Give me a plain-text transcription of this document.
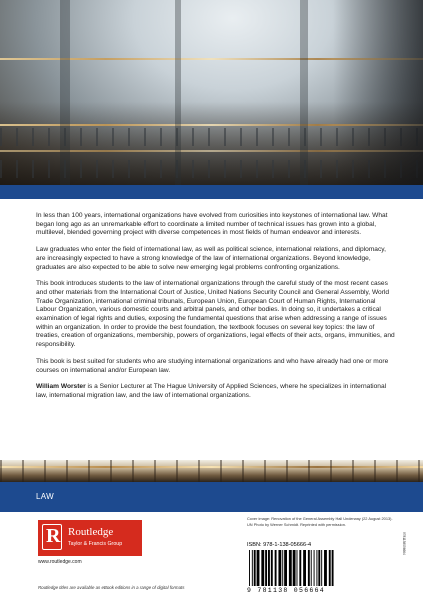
In less than 100 years, international organizations have evolved from curiosities into keystones of international law. What began long ago as an unremarkable effort to coordinate a limited number of technical issues has grown into a global, multilevel, blended governing project with diverse competences in most fields of human endeavor and interests.

Law graduates who enter the field of international law, as well as political science, international relations, and diplomacy, are increasingly expected to have a strong knowledge of the law of international organizations. Beyond knowledge, graduates are also expected to be able to solve new emerging legal problems confronting organizations.

This book introduces students to the law of international organizations through the careful study of the most recent cases and other materials from the International Court of Justice, United Nations Security Council and General Assembly, World Trade Organization, international criminal tribunals, European Union, European Court of Human Rights, International Labour Organization, various domestic courts and arbitral panels, and other bodies. In doing so, it undertakes a critical examination of legal rights and duties, exposing the fundamental questions that arise when addressing a range of issues within an organization. In order to provide the best foundation, the textbook focuses on several key topics: the law of treaties, creation of organizations, membership, powers of organizations, legal effects of their acts, organs, immunities, and responsibility.

This book is best suited for students who are studying international organizations and who have already had one or more courses on international and/or European law.

William Worster is a Senior Lecturer at The Hague University of Applied Sciences, where he specializes in international law, international migration law, and the law of international organizations.

LAW
R Routledge
Taylor & Francis Group
www.routledge.com
Routledge titles are available as eBook editions in a range of digital formats
Cover image: Renovation of the General Assembly Hall Underway (22 August 2013).
UN Photo by Werner Schmidt. Reprinted with permission.
ISBN: 978-1-138-05666-4
9 781138 056664
9781138056664
